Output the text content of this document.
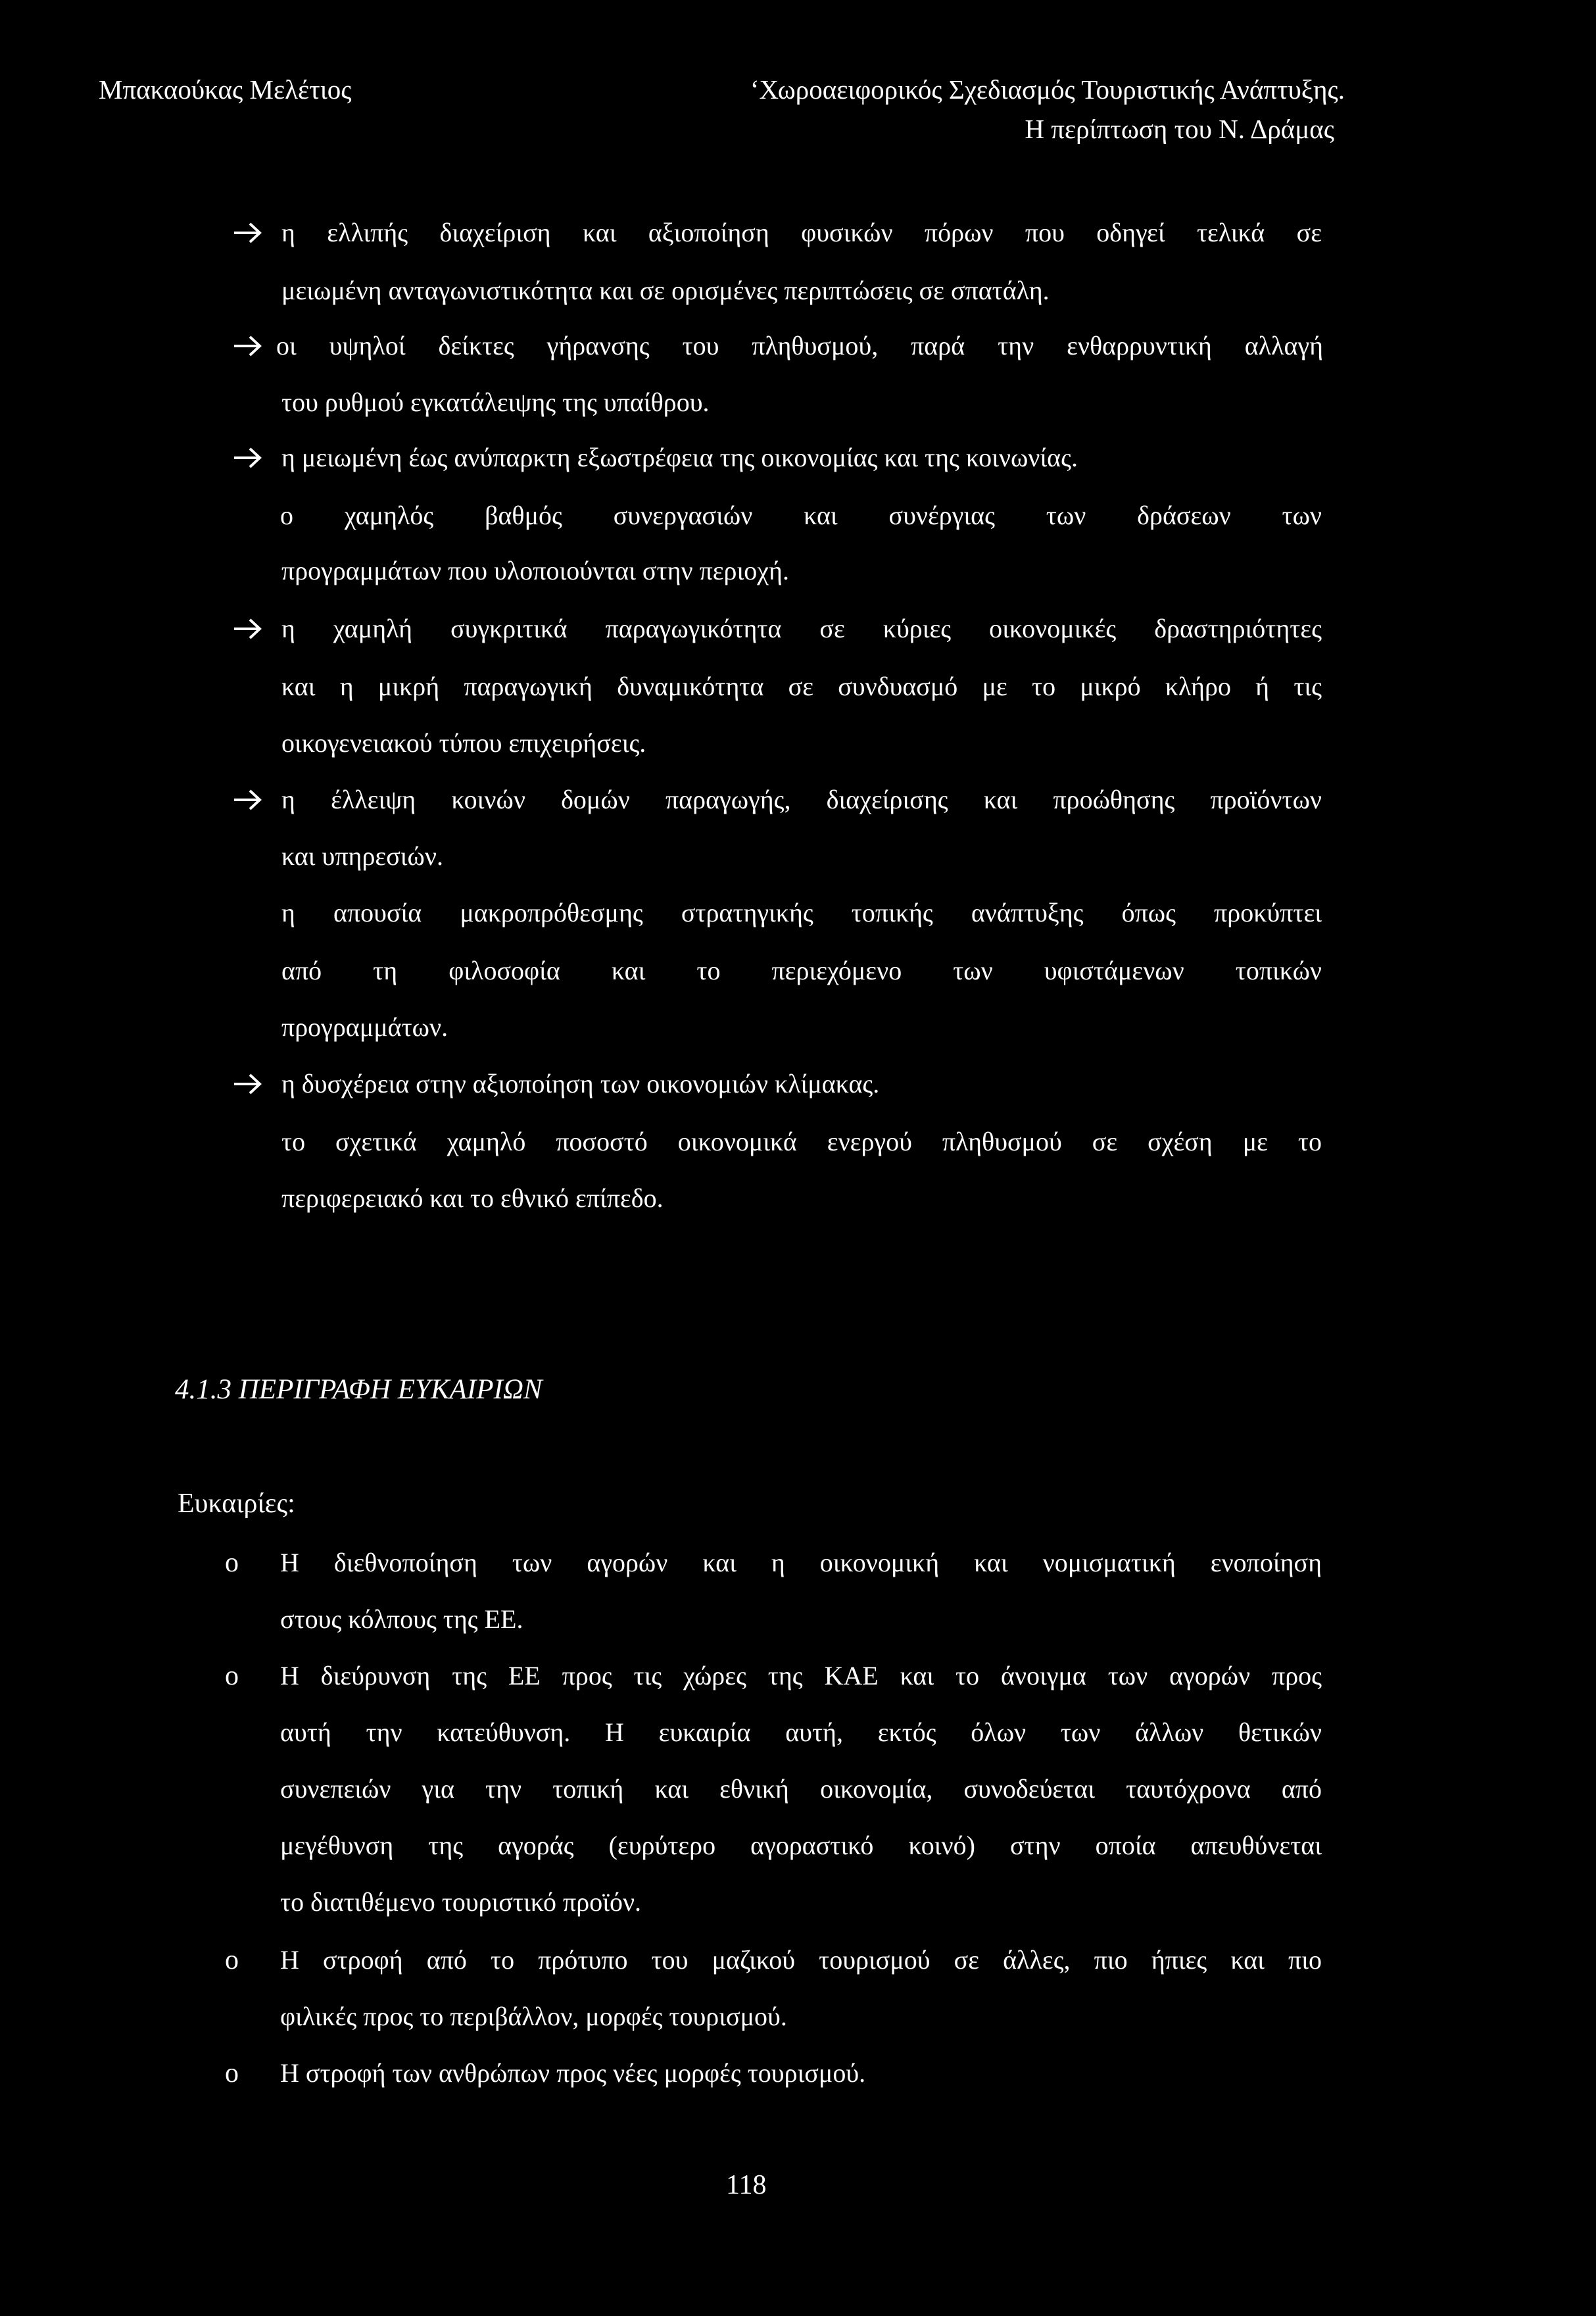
Μπακαούκας Μελέτιος	‘Χωροαειφορικός Σχεδιασμός Τουριστικής Ανάπτυξης.
Η περίπτωση του Ν. Δράμας
η ελλιπής διαχείριση και αξιοποίηση φυσικών πόρων που οδηγεί τελικά σε
μειωμένη ανταγωνιστικότητα και σε ορισμένες περιπτώσεις σε σπατάλη.
οι υψηλοί δείκτες γήρανσης του πληθυσμού, παρά την ενθαρρυντική αλλαγή
του ρυθμού εγκατάλειψης της υπαίθρου.
η μειωμένη έως ανύπαρκτη εξωστρέφεια της οικονομίας και της κοινωνίας.
ο χαμηλός βαθμός συνεργασιών και συνέργιας των δράσεων των
προγραμμάτων που υλοποιούνται στην περιοχή.
η χαμηλή συγκριτικά παραγωγικότητα σε κύριες οικονομικές δραστηριότητες
και η μικρή παραγωγική δυναμικότητα σε συνδυασμό με το μικρό κλήρο ή τις
οικογενειακού τύπου επιχειρήσεις.
η έλλειψη κοινών δομών παραγωγής, διαχείρισης και προώθησης προϊόντων
και υπηρεσιών.
η απουσία μακροπρόθεσμης στρατηγικής τοπικής ανάπτυξης όπως προκύπτει
από τη φιλοσοφία και το περιεχόμενο των υφιστάμενων τοπικών
προγραμμάτων.
η δυσχέρεια στην αξιοποίηση των οικονομιών κλίμακας.
το σχετικά χαμηλό ποσοστό οικονομικά ενεργού πληθυσμού σε σχέση με το
περιφερειακό και το εθνικό επίπεδο.
4.1.3 ΠΕΡΙΓΡΑΦΗ ΕΥΚΑΙΡΙΩΝ
Ευκαιρίες:
o Η διεθνοποίηση των αγορών και η οικονομική και νομισματική ενοποίηση
στους κόλπους της ΕΕ.
o Η διεύρυνση της ΕΕ προς τις χώρες της ΚΑΕ και το άνοιγμα των αγορών προς
αυτή την κατεύθυνση. Η ευκαιρία αυτή, εκτός όλων των άλλων θετικών
συνεπειών για την τοπική και εθνική οικονομία, συνοδεύεται ταυτόχρονα από
μεγέθυνση της αγοράς (ευρύτερο αγοραστικό κοινό) στην οποία απευθύνεται
το διατιθέμενο τουριστικό προϊόν.
o Η στροφή από το πρότυπο του μαζικού τουρισμού σε άλλες, πιο ήπιες και πιο
φιλικές προς το περιβάλλον, μορφές τουρισμού.
o Η στροφή των ανθρώπων προς νέες μορφές τουρισμού.
118
